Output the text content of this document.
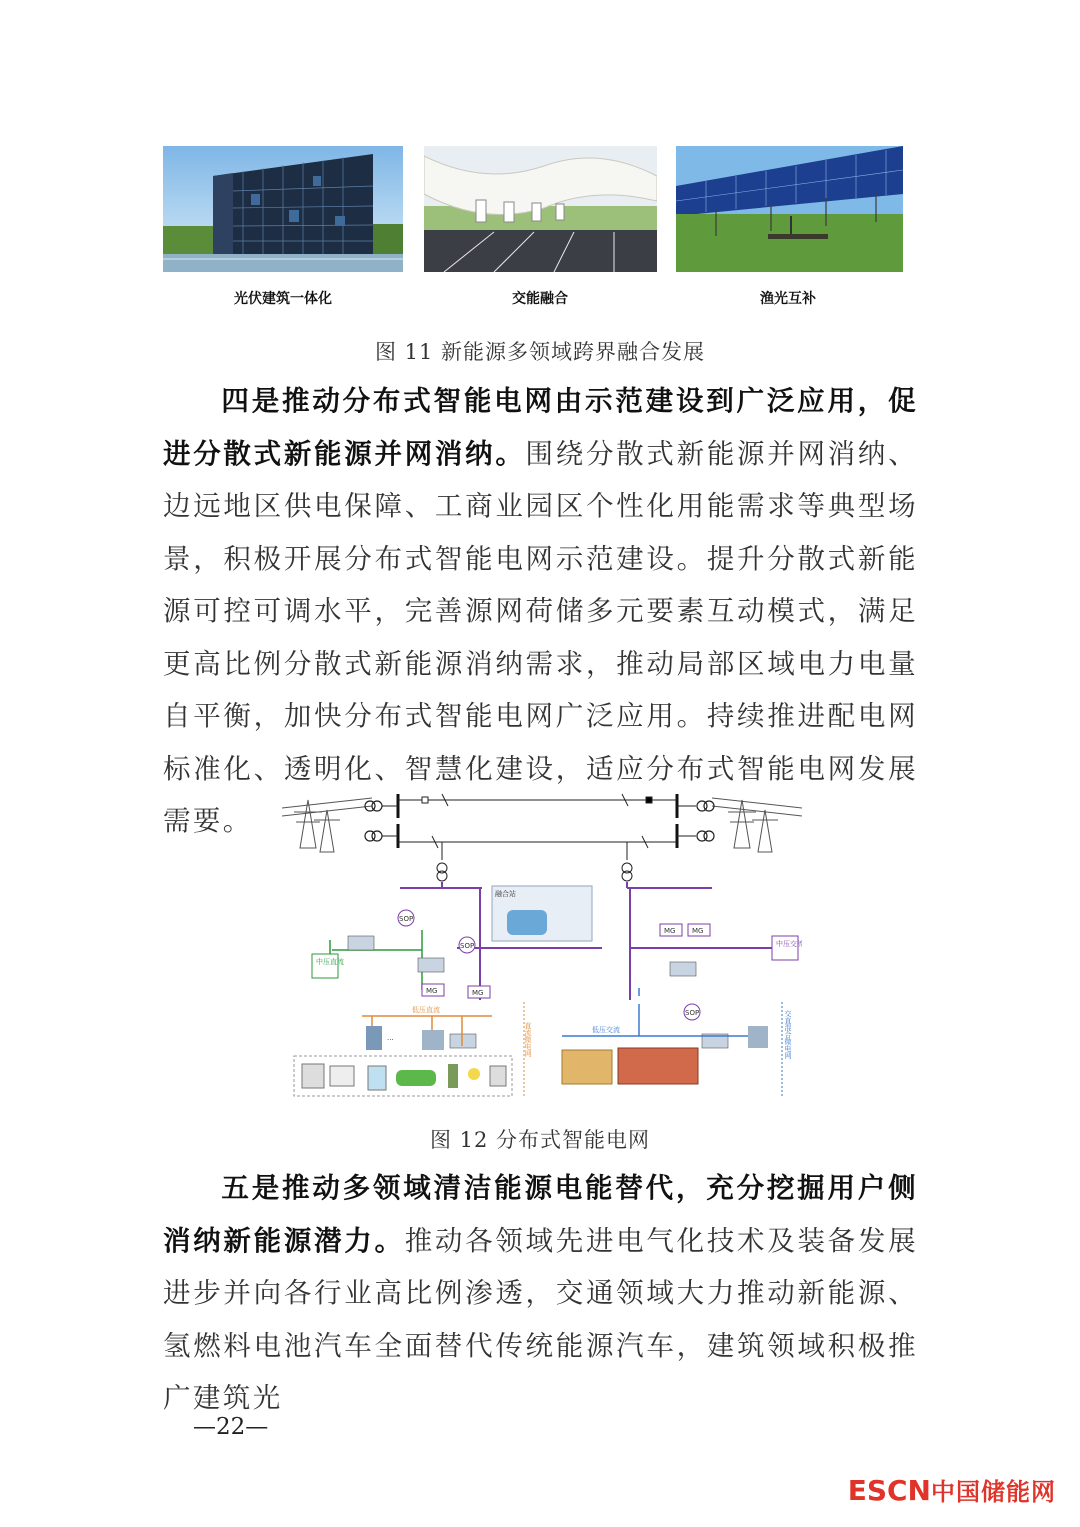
光伏建筑一体化	交能融合	渔光互补
图 11 新能源多领域跨界融合发展

四是推动分布式智能电网由示范建设到广泛应用，促进分散式新能源并网消纳。围绕分散式新能源并网消纳、边远地区供电保障、工商业园区个性化用能需求等典型场景，积极开展分布式智能电网示范建设。提升分散式新能源可控可调水平，完善源网荷储多元要素互动模式，满足更高比例分散式新能源消纳需求，推动局部区域电力电量自平衡，加快分布式智能电网广泛应用。持续推进配电网标准化、透明化、智慧化建设，适应分布式智能电网发展需要。

融合站
SOP
SOP
SOP
MG	MG
MG MG
中压直流
中压交流
低压直流
低压交流
...	直流微电网	交直混合微电网
图 12 分布式智能电网

五是推动多领域清洁能源电能替代，充分挖掘用户侧消纳新能源潜力。推动各领域先进电气化技术及装备发展进步并向各行业高比例渗透，交通领域大力推动新能源、氢燃料电池汽车全面替代传统能源汽车，建筑领域积极推广建筑光

—22—
ESCN中国储能网
